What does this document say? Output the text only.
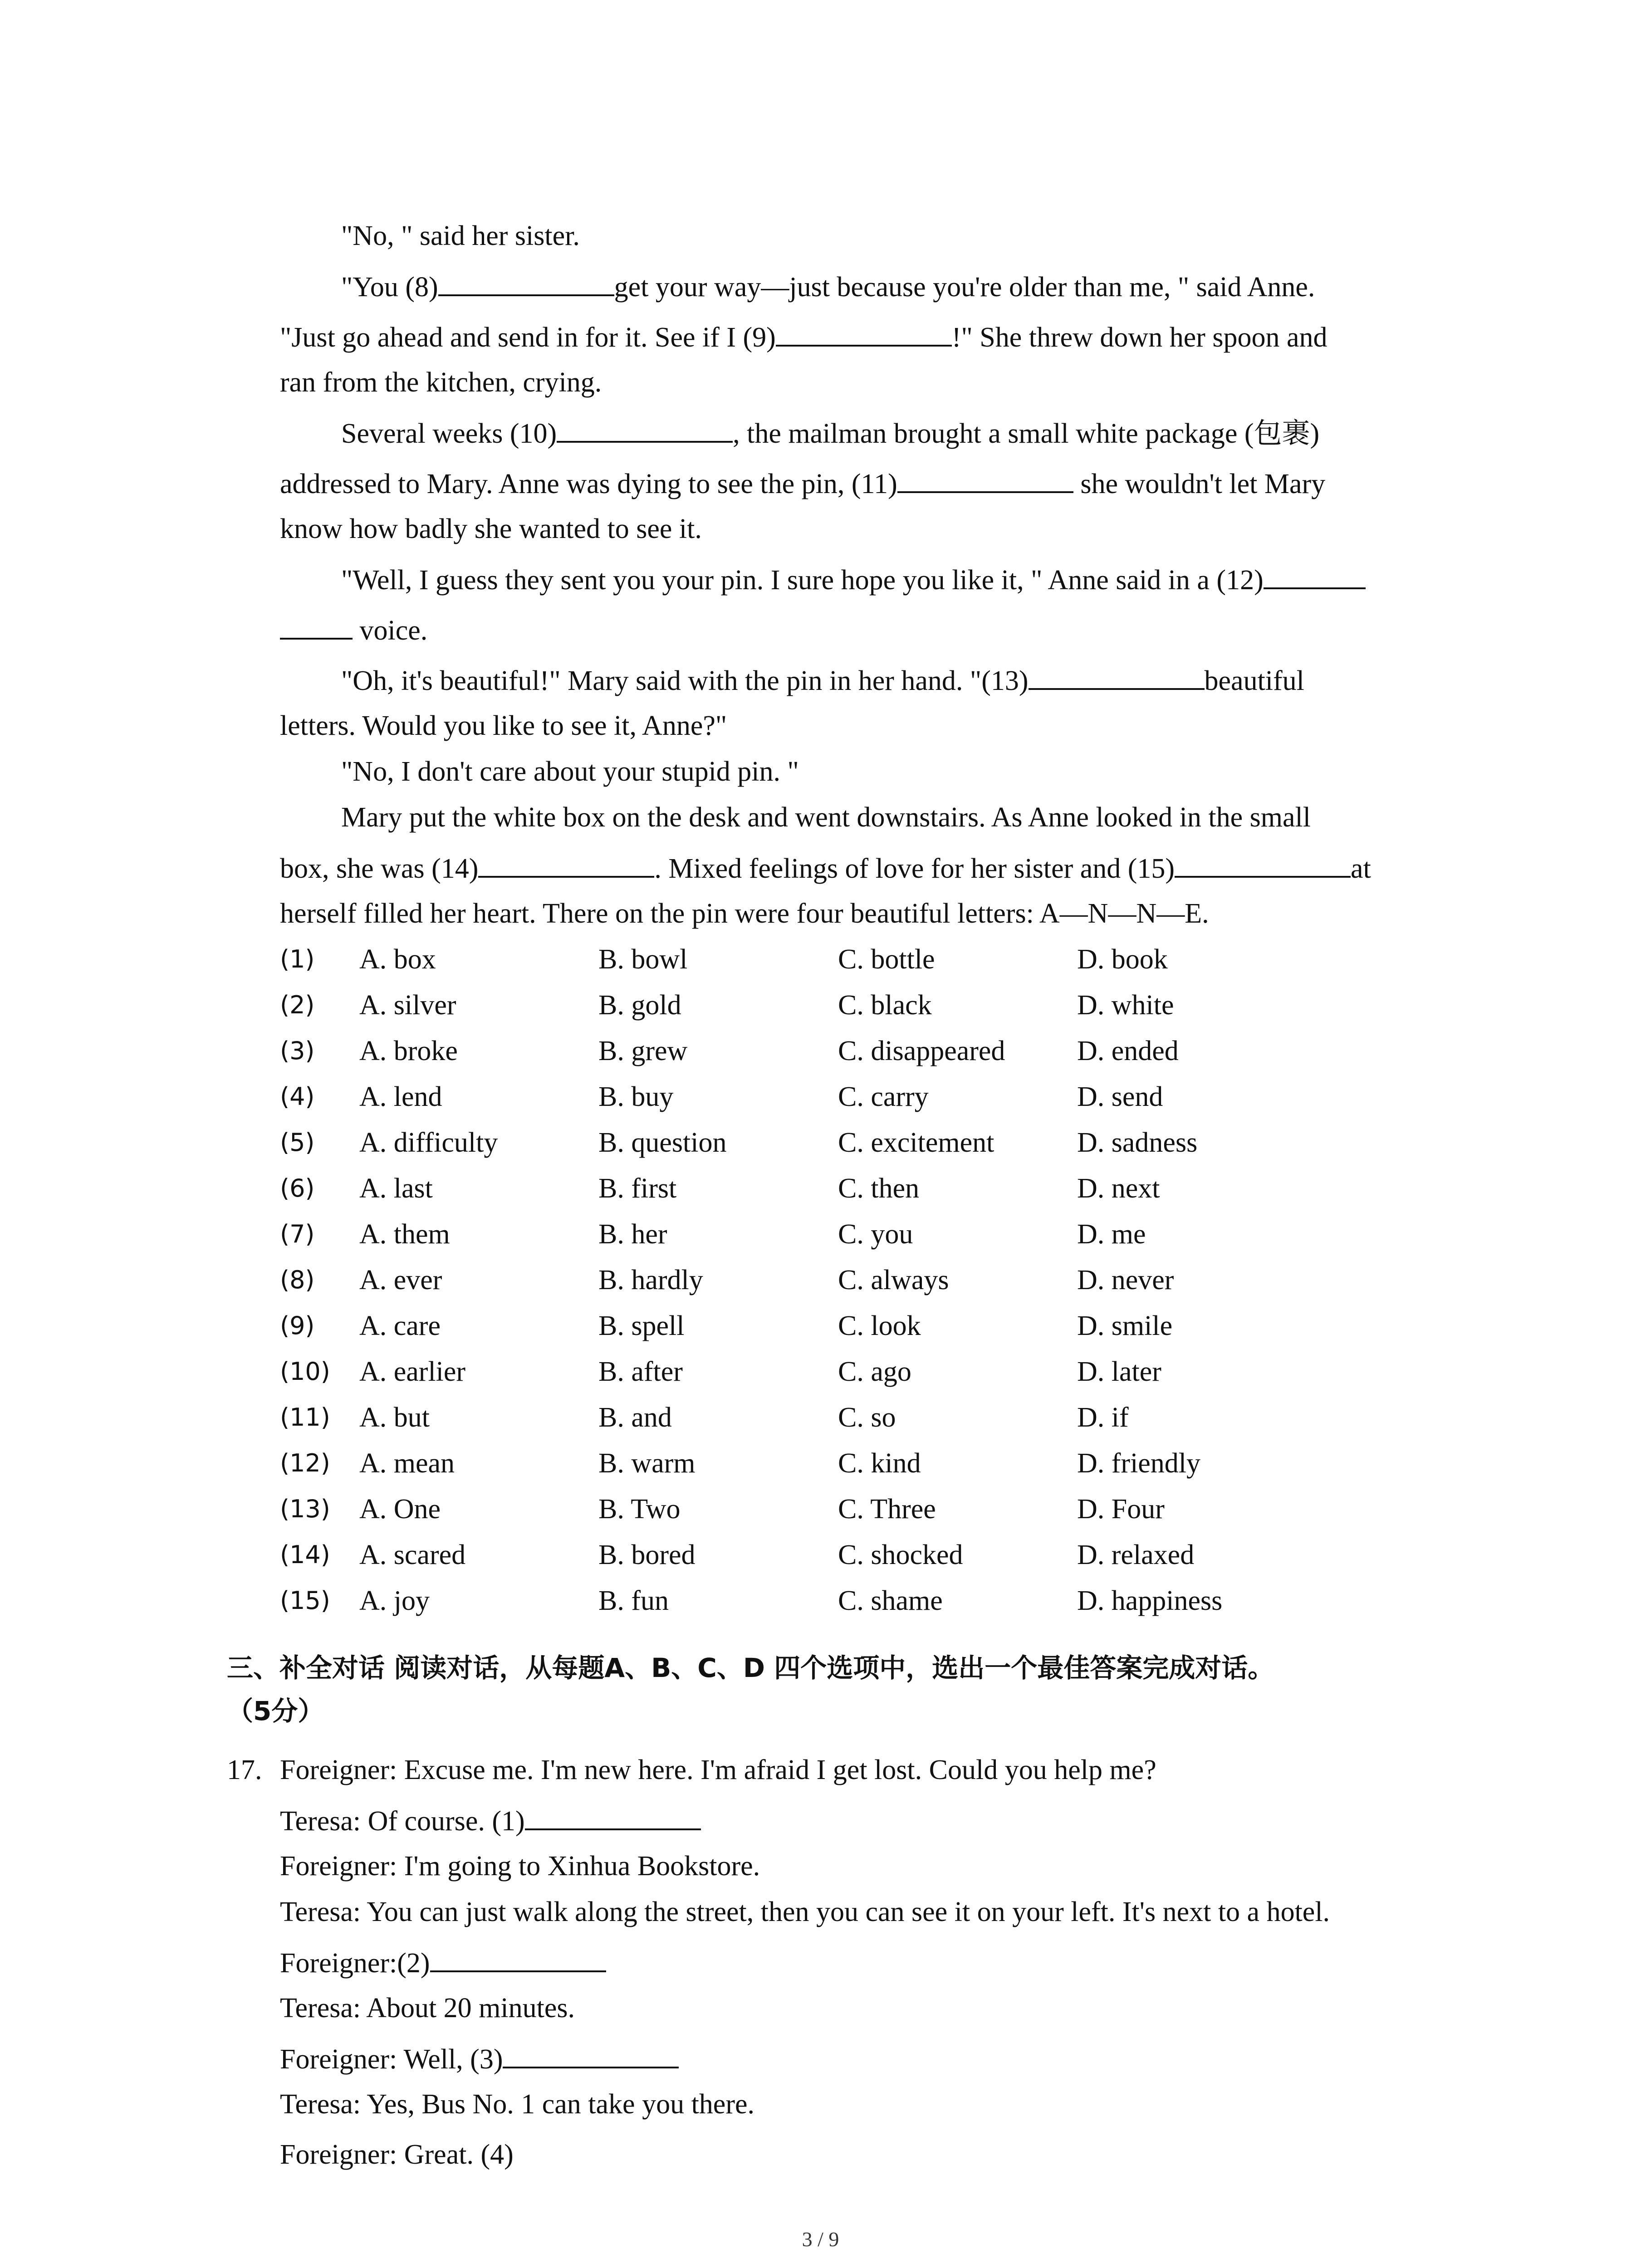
"No, " said her sister.
"You (8)	get your way—just because you're older than me, " said Anne.
"Just go ahead and send in for it. See if I (9)	!" She threw down her spoon and
ran from the kitchen, crying.
Several weeks (10)	, the mailman brought a small white package (包裹)
addressed to Mary. Anne was dying to see the pin, (11)	she wouldn't let Mary
know how badly she wanted to see it.
"Well, I guess they sent you your pin. I sure hope you like it, " Anne said in a (12)
voice.
"Oh, it's beautiful!" Mary said with the pin in her hand. "(13)	beautiful
letters. Would you like to see it, Anne?"
"No, I don't care about your stupid pin. "
Mary put the white box on the desk and went downstairs. As Anne looked in the small
box, she was (14)	. Mixed feelings of love for her sister and (15)	at
herself filled her heart. There on the pin were four beautiful letters: A—N—N—E.
(1) A. box	B. bowl	C. bottle	D. book
(2) A. silver	B. gold	C. black	D. white
(3) A. broke	B. grew	C. disappeared	D. ended
(4) A. lend	B. buy	C. carry	D. send
(5) A. difficulty	B. question	C. excitement	D. sadness
(6) A. last	B. first	C. then	D. next
(7) A. them	B. her	C. you	D. me
(8) A. ever	B. hardly	C. always	D. never
(9) A. care	B. spell	C. look	D. smile
(10) A. earlier	B. after	C. ago	D. later
(11) A. but	B. and	C. so	D. if
(12) A. mean	B. warm	C. kind	D. friendly
(13) A. One	B. Two	C. Three	D. Four
(14) A. scared	B. bored	C. shocked	D. relaxed
(15) A. joy	B. fun	C. shame	D. happiness
三、补全对话 阅读对话，从每题A、B、C、D 四个选项中，选出一个最佳答案完成对话。
（5分）
17. Foreigner: Excuse me. I'm new here. I'm afraid I get lost. Could you help me?
Teresa: Of course. (1)
Foreigner: I'm going to Xinhua Bookstore.
Teresa: You can just walk along the street, then you can see it on your left. It's next to a hotel.
Foreigner:(2)
Teresa: About 20 minutes.
Foreigner: Well, (3)
Teresa: Yes, Bus No. 1 can take you there.
Foreigner: Great. (4)
3 / 9
